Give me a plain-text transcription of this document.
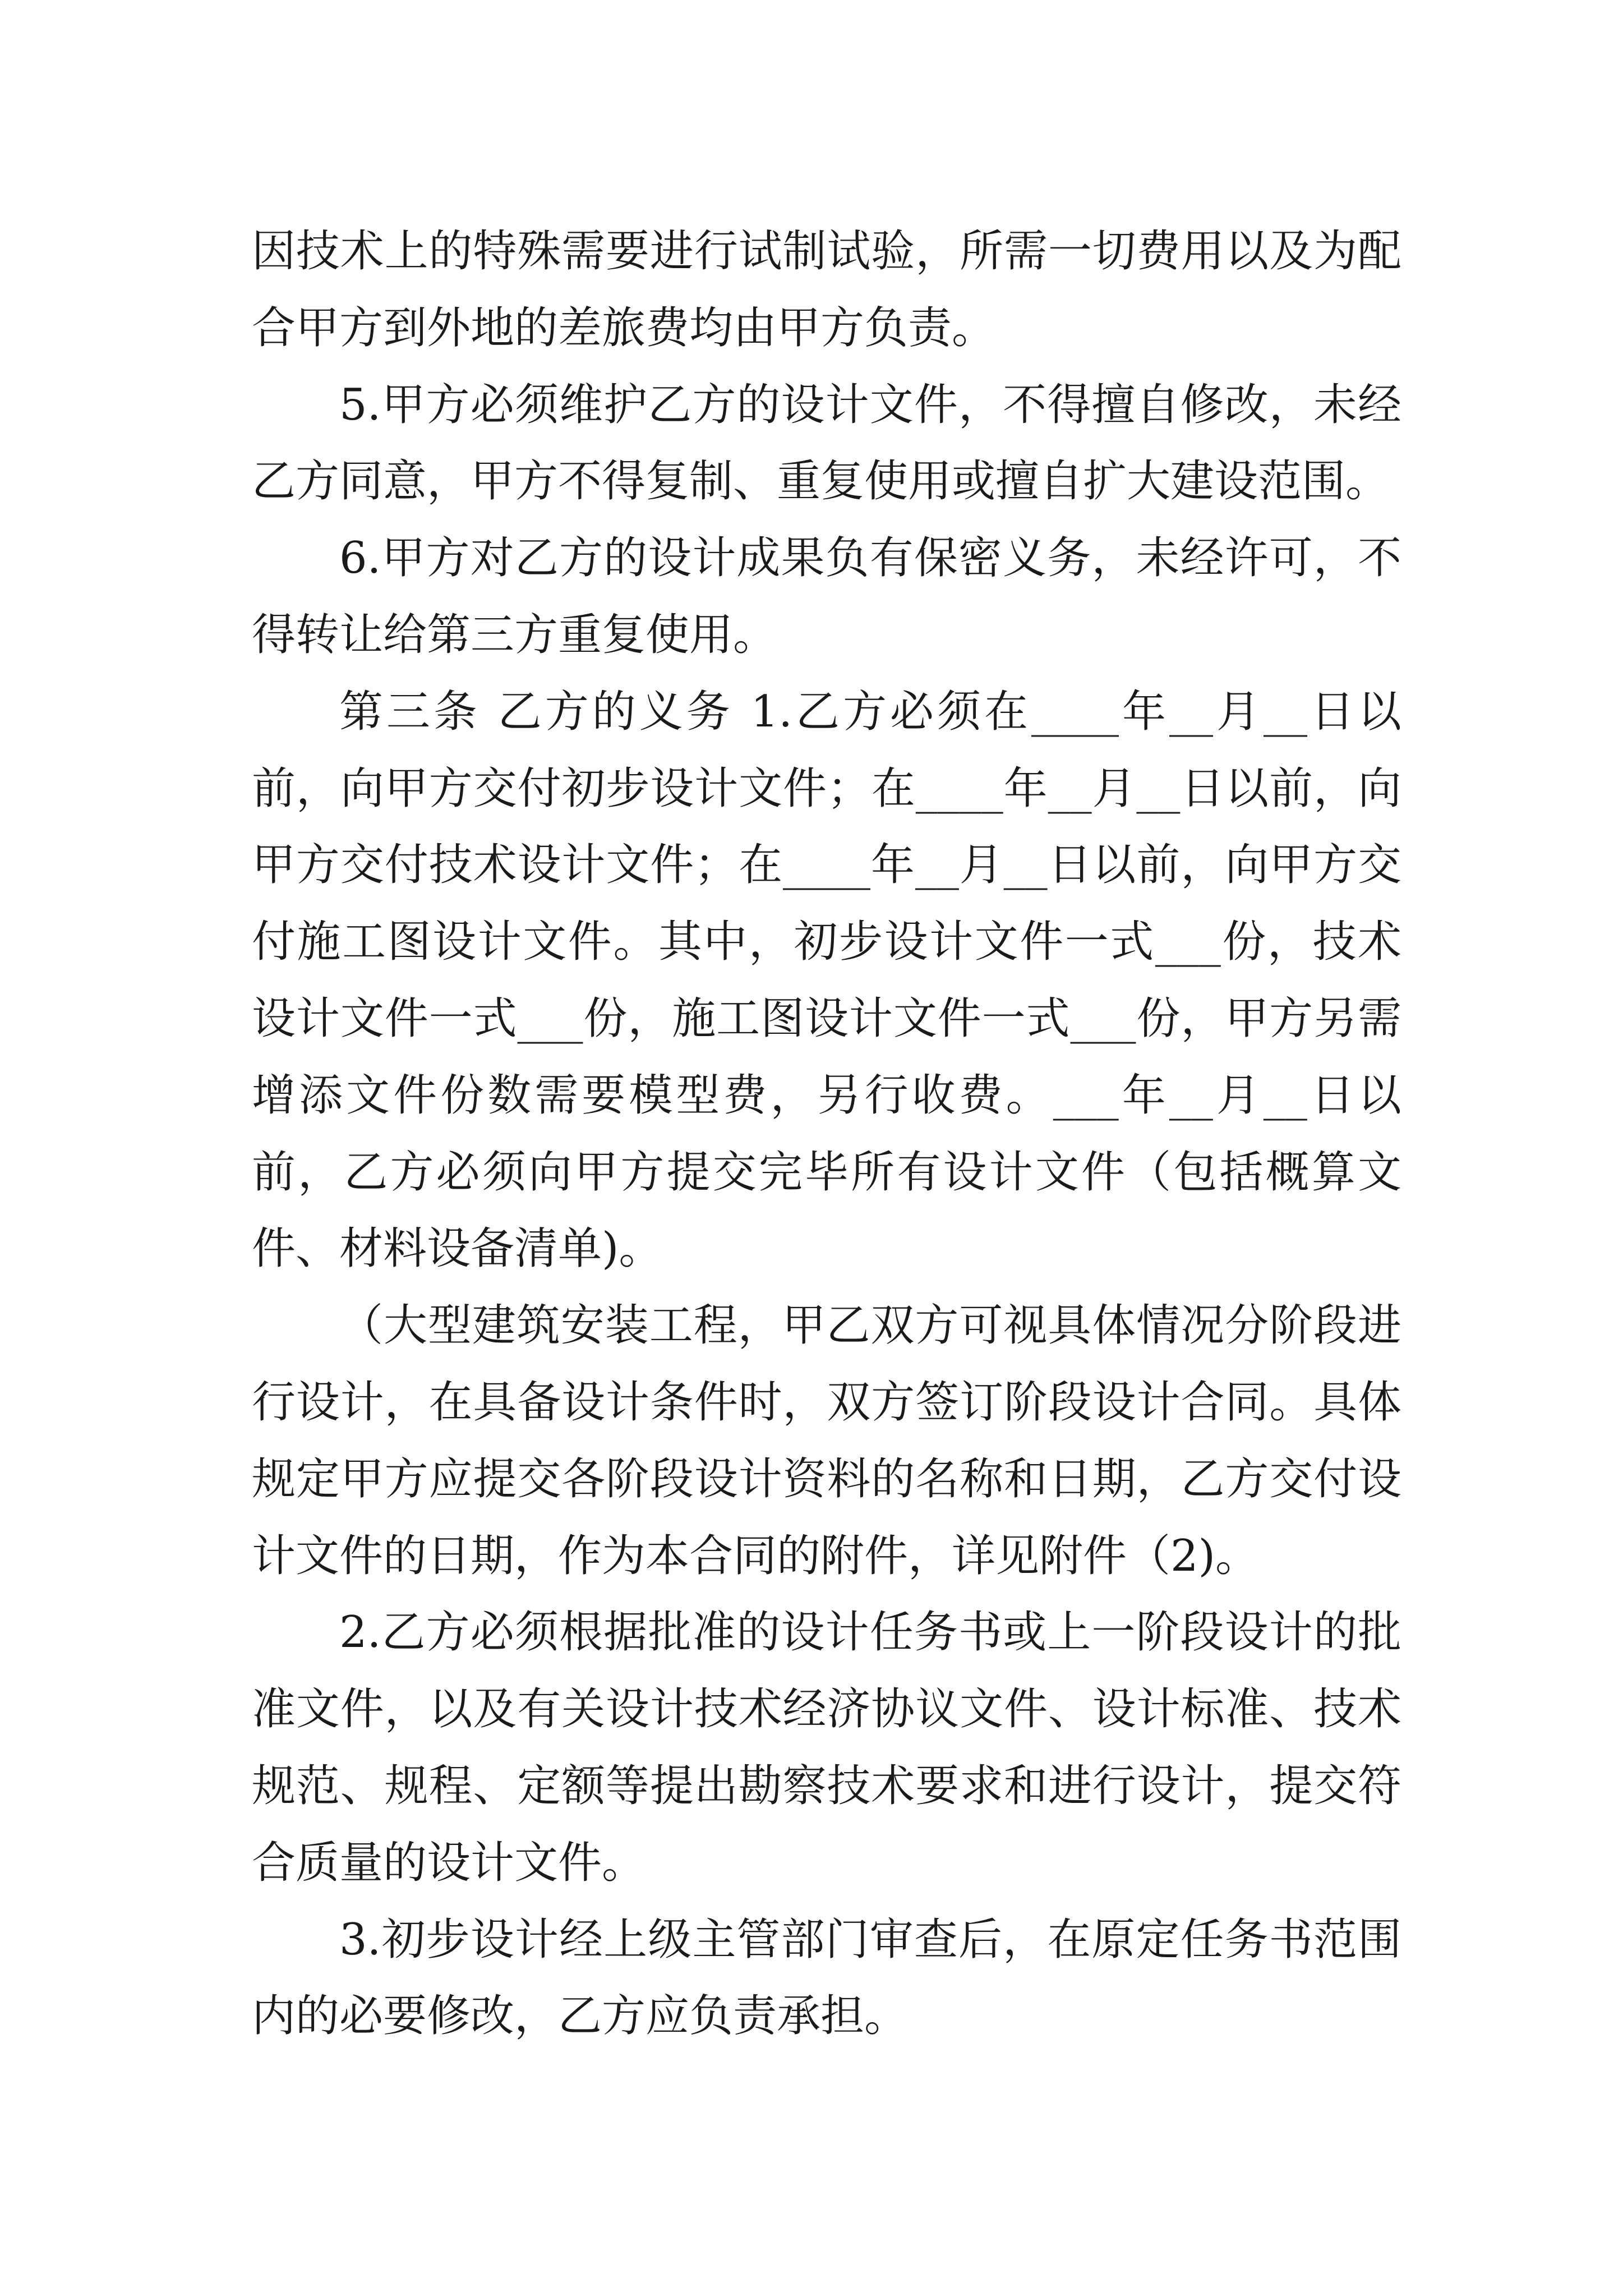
因技术上的特殊需要进行试制试验，所需一切费用以及为配合甲方到外地的差旅费均由甲方负责。

5.甲方必须维护乙方的设计文件，不得擅自修改，未经乙方同意，甲方不得复制、重复使用或擅自扩大建设范围。

6.甲方对乙方的设计成果负有保密义务，未经许可，不得转让给第三方重复使用。

第三条 乙方的义务 1.乙方必须在____年__月__日以前，向甲方交付初步设计文件；在____年__月__日以前，向甲方交付技术设计文件；在____年__月__日以前，向甲方交付施工图设计文件。其中，初步设计文件一式___份，技术设计文件一式___份，施工图设计文件一式___份，甲方另需增添文件份数需要模型费，另行收费。___年__月__日以前，乙方必须向甲方提交完毕所有设计文件（包括概算文件、材料设备清单)。

（大型建筑安装工程，甲乙双方可视具体情况分阶段进行设计，在具备设计条件时，双方签订阶段设计合同。具体规定甲方应提交各阶段设计资料的名称和日期，乙方交付设计文件的日期，作为本合同的附件，详见附件（2)。

2.乙方必须根据批准的设计任务书或上一阶段设计的批准文件，以及有关设计技术经济协议文件、设计标准、技术规范、规程、定额等提出勘察技术要求和进行设计，提交符合质量的设计文件。

3.初步设计经上级主管部门审查后，在原定任务书范围内的必要修改，乙方应负责承担。
